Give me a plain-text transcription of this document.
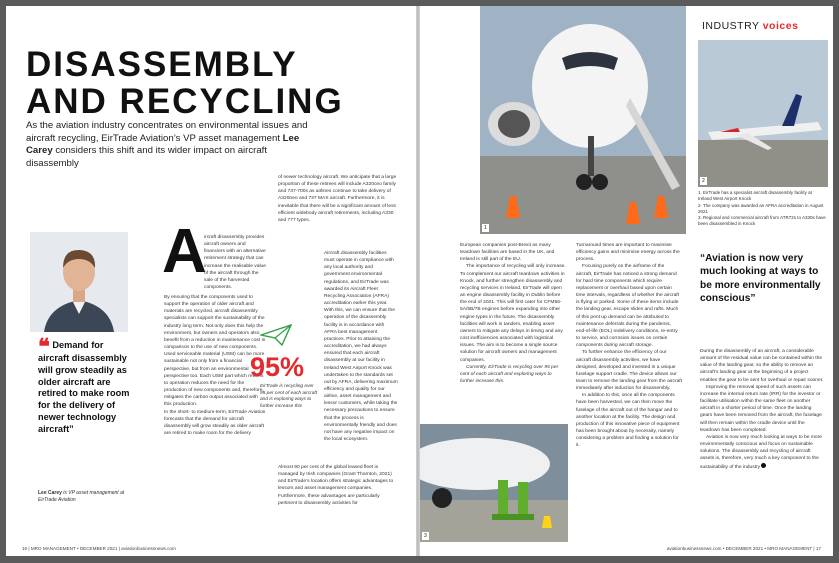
DISASSEMBLY
AND RECYCLING
As the aviation industry concentrates on environmental issues and aircraft recycling, EirTrade Aviation’s VP asset management Lee Carey considers this shift and its wider impact on aircraft disassembly
❝ Demand for aircraft disassembly will grow steadily as older aircraft are retired to make room for the delivery of newer technology aircraft”
Lee Carey is VP asset management at EirTrade Aviation
A
ircraft disassembly provides aircraft owners and financiers with an alternative retirement strategy that can increase the realisable value of the aircraft through the sale of the harvested components.

By ensuring that the components used to support the operation of older aircraft and materials are recycled, aircraft disassembly specialists can support the sustainability of the industry long term. Not only does this help the environment, but owners and operators also benefit from a reduction in maintenance cost in comparison to the use of new components. Used serviceable material (USM) can be more sustainable not only from a financial perspective, but from an environmental perspective too. Each USM part which returns to operation reduces the need for the production of new components and, therefore, mitigates the carbon output associated with this production.

In the short- to medium-term, EirTrade Aviation forecasts that the demand for aircraft disassembly will grow steadily as older aircraft are retired to make room for the delivery

of newer technology aircraft. We anticipate that a large proportion of these retirees will include A320ceo family and 737-700s as airlines continue to take delivery of A320neo and 737 MAX aircraft. Furthermore, it is inevitable that there will be a significant amount of less efficient widebody aircraft retirements, including A330 and 777 types.
Aircraft disassembly facilities must operate in compliance with any local authority and government environmental regulations, and EirTrade was awarded its Aircraft Fleet Recycling Association (AFRA) accreditation earlier this year. With this, we can ensure that the operation of the disassembly facility is in accordance with AFRA best management practices. Prior to attaining the accreditation, we had always ensured that each aircraft disassembly at our facility in Ireland West Airport Knock was undertaken to the standards set out by AFRA, delivering maximum efficiency and quality for our airline, asset management and lessor customers, while taking the necessary precautions to ensure that the process is environmentally friendly and does not have any negative impact on the local ecosystem.
Almost 90 per cent of the global leased fleet is managed by Irish companies (Grant Thornton, 2021) and EirTrade’s location offers strategic advantages to lessors and asset management companies. Furthermore, these advantages are particularly pertinent to disassembly activities for
95%
EirTrade is recycling over 95 per cent of each aircraft and is exploring ways to further increase this
16 | MRO MANAGEMENT • DECEMBER 2021 | aviationbusinessnews.com
1
INDUSTRY voices
2
1. EirTrade has a specialist aircraft disassembly facility at Ireland West Airport Knock
2. The company was awarded an AFRA accreditation in August 2021
3. Regional and commercial aircraft from ATR72s to A330s have been disassembled in Knock
“Aviation is now very much looking at ways to be more environmentally conscious”

European companies post-Brexit as many teardown facilities are based in the UK, and Ireland is still part of the EU.

The importance of recycling will only increase. To complement our aircraft teardown activities in Knock, and further strengthen disassembly and recycling services in Ireland, EirTrade will open an engine disassembly facility in Dublin before the end of 2021. This will first cater for CFM56-5A/5B/7B engines before expanding into other engine types in the future. The disassembly facilities will work in tandem, enabling asset owners to mitigate any delays in timing and any cost inefficiencies associated with logistical issues. The aim is to become a single source solution for aircraft owners and management companies.

Currently, EirTrade is recycling over 95 per cent of each aircraft and exploring ways to further increase this.

Turnaround times are important to maximise efficiency gains and minimise energy across the process.

Focusing purely on the airframe of the aircraft, EirTrade has noticed a strong demand for hard time components which require replacement or overhaul based upon certain time intervals, regardless of whether the aircraft is flying or parked. Some of these items include the landing gear, escape slides and rafts. Much of this pent up demand can be attributed to maintenance deferrals during the pandemic, end-of-life (EOL) redelivery conditions, re-entry to service, and corrosion issues on certain components during aircraft storage.

To further enhance the efficiency of our aircraft disassembly activities, we have designed, developed and invested in a unique fuselage support cradle. The device allows our team to remove the landing gear from the aircraft immediately after induction for disassembly.

In addition to this, once all the components have been harvested, we can then move the fuselage of the aircraft out of the hangar and to another location at the facility. The design and production of this innovative piece of equipment has been brought about by necessity, namely considering a problem and finding a solution for it.

During the disassembly of an aircraft, a considerable amount of the residual value can be contained within the value of the landing gear, so the ability to remove an aircraft’s landing gear at the beginning of a project enables the gear to be sent for overhaul or repair sooner.

Improving the removal speed of such assets can increase the internal return rate (IRR) for the investor or facilitate utilisation within the same fleet on another aircraft in a shorter period of time. Once the landing gears have been removed from the aircraft, the fuselage will then remain within the cradle device until the teardown has been completed.

Aviation is now very much looking at ways to be more environmentally conscious and focus on sustainable solutions. The disassembly and recycling of aircraft assets is, therefore, very much a key component to the sustainability of the industry

3
aviationbusinessnews.com • DECEMBER 2021 • MRO MANAGEMENT | 17
